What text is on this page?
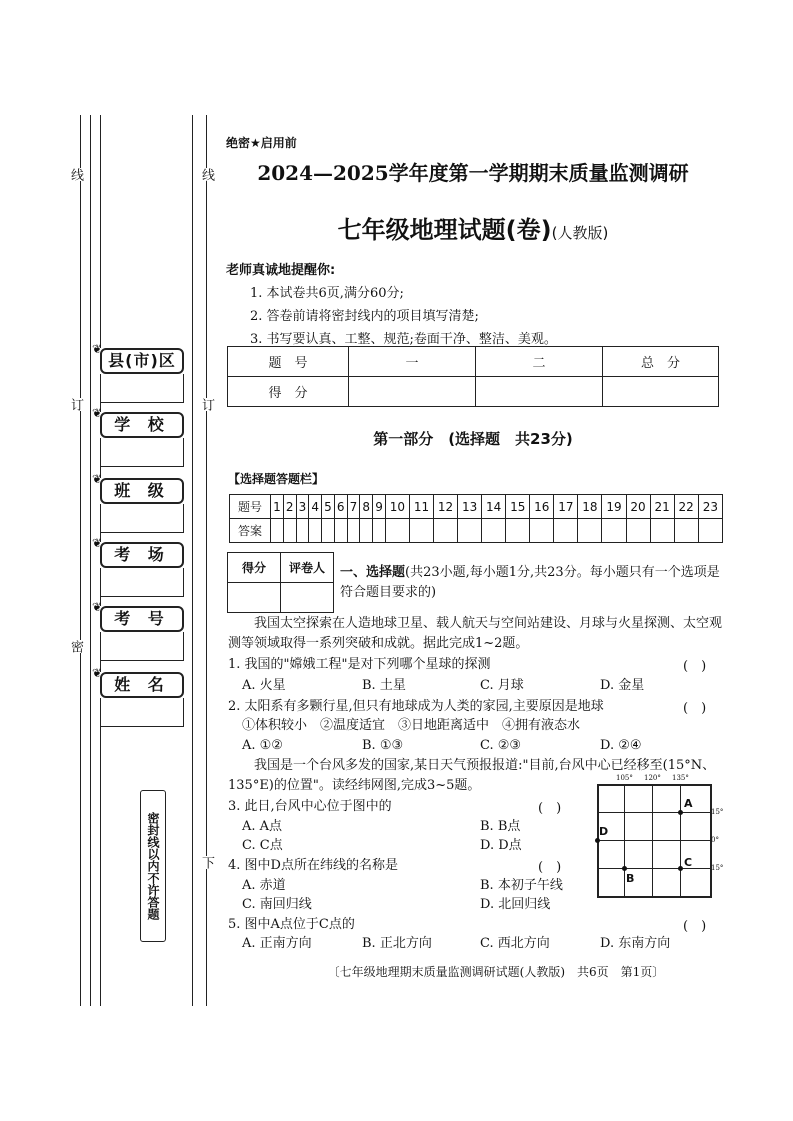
线	线
订	订
密
下
❦
县(市)区
❦
学 校
❦
班 级
❦
考 场
❦
考 号
❦
姓 名
密封线以内不许答题
绝密★启用前
2024—2025学年度第一学期期末质量监测调研
七年级地理试题(卷)(人教版)
老师真诚地提醒你:
1. 本试卷共6页,满分60分;
2. 答卷前请将密封线内的项目填写清楚;
3. 书写要认真、工整、规范;卷面干净、整洁、美观。
题　号	一	二	总　分
得　分			
第一部分　(选择题　共23分)
【选择题答题栏】
题号	1	2	3	4	5	6	7	8	9	10	11	12	13	14	15	16	17	18	19	20	21	22	23
答案																							
得分	评卷人
	一、选择题(共23小题,每小题1分,共23分。每小题只有一个选项是符合题目要求的)
我国太空探索在人造地球卫星、载人航天与空间站建设、月球与火星探测、太空观测等领域取得一系列突破和成就。据此完成1~2题。
1. 我国的"嫦娥工程"是对下列哪个星球的探测	(　)
A. 火星	B. 土星	C. 月球	D. 金星
2. 太阳系有多颗行星,但只有地球成为人类的家园,主要原因是地球	(　)
①体积较小　②温度适宜　③日地距离适中　④拥有液态水
A. ①②	B. ①③	C. ②③	D. ②④
我国是一个台风多发的国家,某日天气预报报道:"目前,台风中心已经移至(15°N、135°E)的位置"。读经纬网图,完成3~5题。
3. 此日,台风中心位于图中的	(　)
A. A点	B. B点
C. C点	D. D点
4. 图中D点所在纬线的名称是	(　)
A. 赤道	B. 本初子午线
C. 南回归线	D. 北回归线
5. 图中A点位于C点的	(　)
A. 正南方向	B. 正北方向	C. 西北方向	D. 东南方向
105° 120° 135°
15°
0°
15°
A
B
C
D
〔七年级地理期末质量监测调研试题(人教版)　共6页　第1页〕
